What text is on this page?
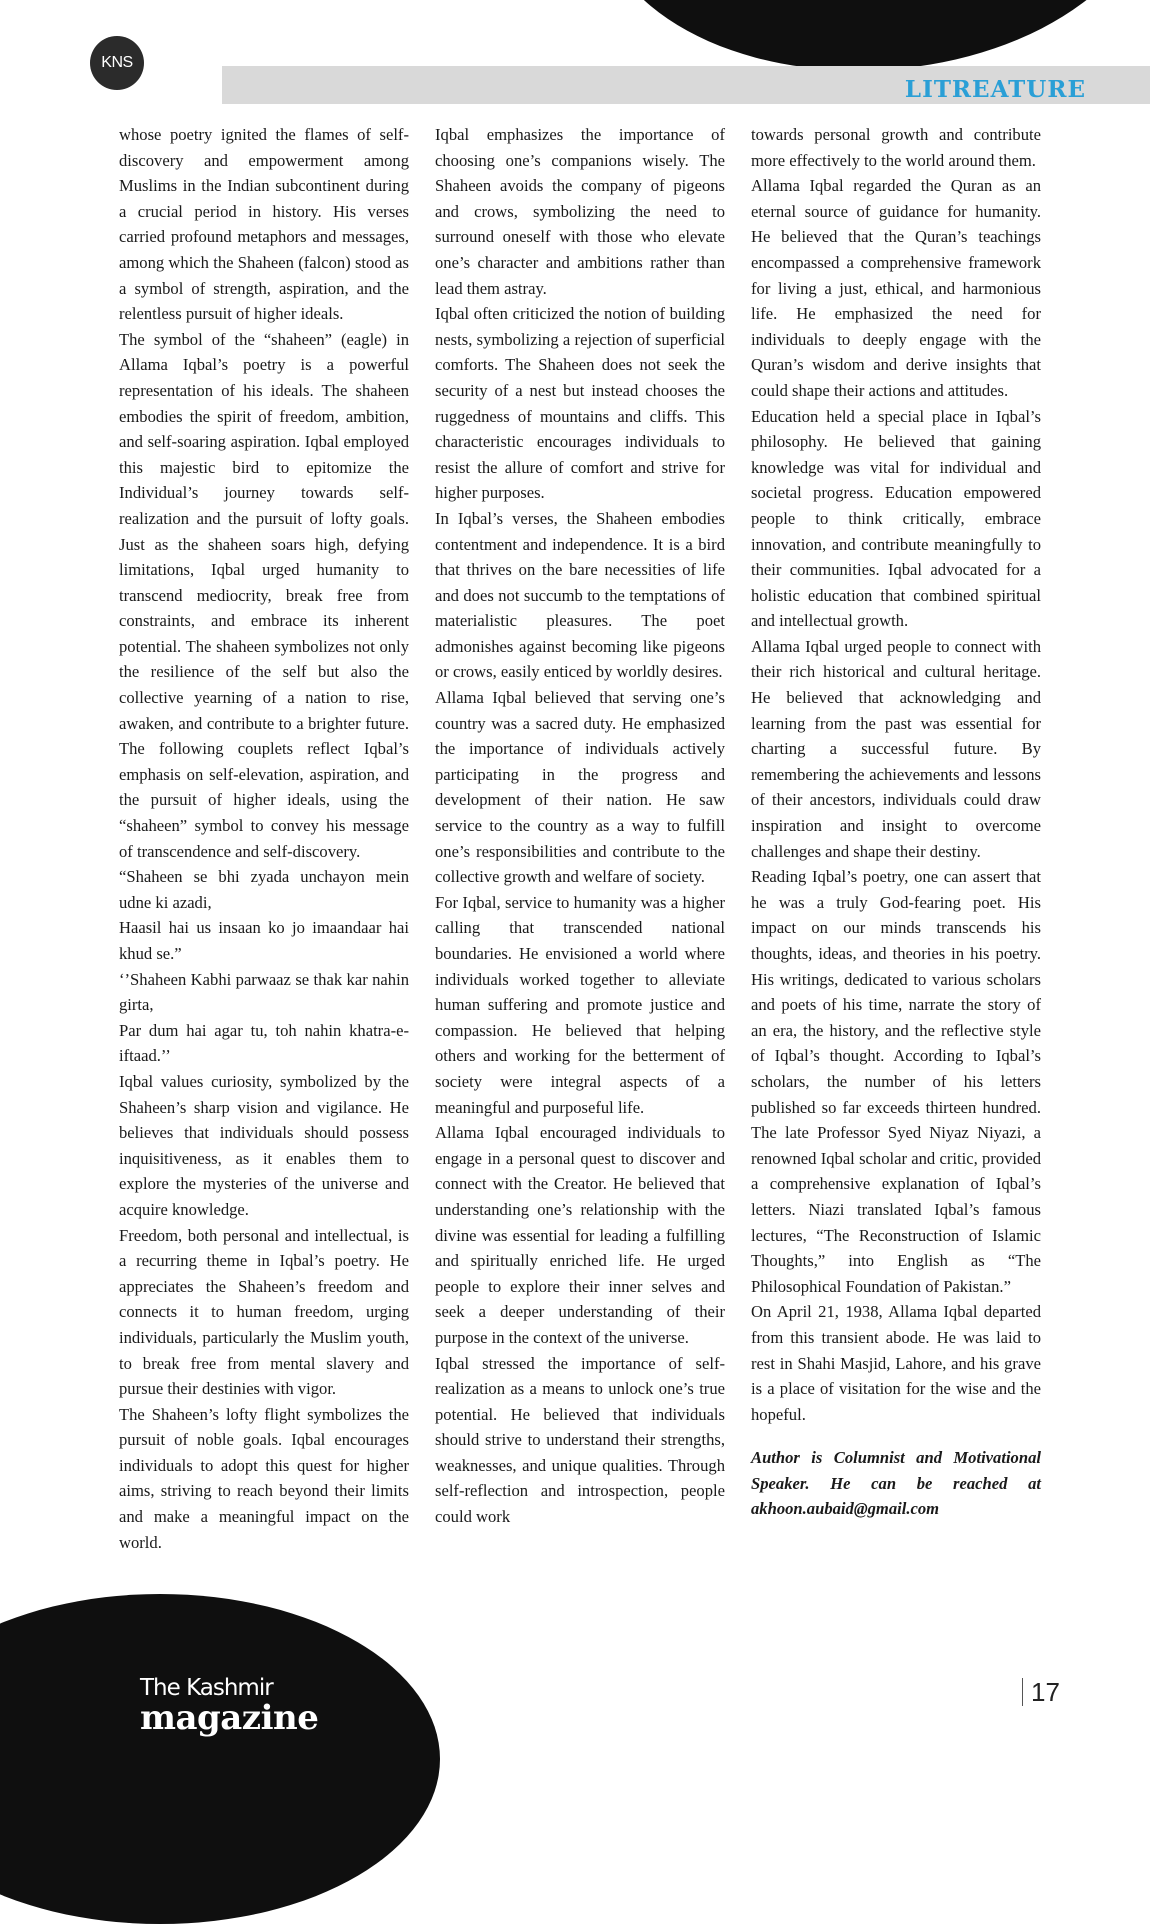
KNS
LITREATURE

whose poetry ignited the flames of self-discovery and empowerment among Muslims in the Indian subcontinent during a crucial period in history. His verses carried profound metaphors and messages, among which the Shaheen (falcon) stood as a symbol of strength, aspiration, and the relentless pursuit of higher ideals.

The symbol of the “shaheen” (eagle) in Allama Iqbal’s poetry is a powerful representation of his ideals. The shaheen embodies the spirit of freedom, ambition, and self-soaring aspiration. Iqbal employed this majestic bird to epitomize the Individual’s journey towards self-realization and the pursuit of lofty goals. Just as the shaheen soars high, defying limitations, Iqbal urged humanity to transcend mediocrity, break free from constraints, and embrace its inherent potential. The shaheen symbolizes not only the resilience of the self but also the collective yearning of a nation to rise, awaken, and contribute to a brighter future. The following couplets reflect Iqbal’s emphasis on self-elevation, aspiration, and the pursuit of higher ideals, using the “shaheen” symbol to convey his message of transcendence and self-discovery.

“Shaheen se bhi zyada unchayon mein udne ki azadi,

Haasil hai us insaan ko jo imaandaar hai khud se.”

‘’Shaheen Kabhi parwaaz se thak kar nahin girta,

Par dum hai agar tu, toh nahin khatra-e-iftaad.’’

Iqbal values curiosity, symbolized by the Shaheen’s sharp vision and vigilance. He believes that individuals should possess inquisitiveness, as it enables them to explore the mysteries of the universe and acquire knowledge.

Freedom, both personal and intellectual, is a recurring theme in Iqbal’s poetry. He appreciates the Shaheen’s freedom and connects it to human freedom, urging individuals, particularly the Muslim youth, to break free from mental slavery and pursue their destinies with vigor.

The Shaheen’s lofty flight symbolizes the pursuit of noble goals. Iqbal encourages individuals to adopt this quest for higher aims, striving to reach beyond their limits and make a meaningful impact on the world.

Iqbal emphasizes the importance of choosing one’s companions wisely. The Shaheen avoids the company of pigeons and crows, symbolizing the need to surround oneself with those who elevate one’s character and ambitions rather than lead them astray.

Iqbal often criticized the notion of building nests, symbolizing a rejection of superficial comforts. The Shaheen does not seek the security of a nest but instead chooses the ruggedness of mountains and cliffs. This characteristic encourages individuals to resist the allure of comfort and strive for higher purposes.

In Iqbal’s verses, the Shaheen embodies contentment and independence. It is a bird that thrives on the bare necessities of life and does not succumb to the temptations of materialistic pleasures. The poet admonishes against becoming like pigeons or crows, easily enticed by worldly desires.

Allama Iqbal believed that serving one’s country was a sacred duty. He emphasized the importance of individuals actively participating in the progress and development of their nation. He saw service to the country as a way to fulfill one’s responsibilities and contribute to the collective growth and welfare of society.

For Iqbal, service to humanity was a higher calling that transcended national boundaries. He envisioned a world where individuals worked together to alleviate human suffering and promote justice and compassion. He believed that helping others and working for the betterment of society were integral aspects of a meaningful and purposeful life.

Allama Iqbal encouraged individuals to engage in a personal quest to discover and connect with the Creator. He believed that understanding one’s relationship with the divine was essential for leading a fulfilling and spiritually enriched life. He urged people to explore their inner selves and seek a deeper understanding of their purpose in the context of the universe.

Iqbal stressed the importance of self-realization as a means to unlock one’s true potential. He believed that individuals should strive to understand their strengths, weaknesses, and unique qualities. Through self-reflection and introspection, people could work

towards personal growth and contribute more effectively to the world around them.

Allama Iqbal regarded the Quran as an eternal source of guidance for humanity. He believed that the Quran’s teachings encompassed a comprehensive framework for living a just, ethical, and harmonious life. He emphasized the need for individuals to deeply engage with the Quran’s wisdom and derive insights that could shape their actions and attitudes.

Education held a special place in Iqbal’s philosophy. He believed that gaining knowledge was vital for individual and societal progress. Education empowered people to think critically, embrace innovation, and contribute meaningfully to their communities. Iqbal advocated for a holistic education that combined spiritual and intellectual growth.

Allama Iqbal urged people to connect with their rich historical and cultural heritage. He believed that acknowledging and learning from the past was essential for charting a successful future. By remembering the achievements and lessons of their ancestors, individuals could draw inspiration and insight to overcome challenges and shape their destiny.

Reading Iqbal’s poetry, one can assert that he was a truly God-fearing poet. His impact on our minds transcends his thoughts, ideas, and theories in his poetry. His writings, dedicated to various scholars and poets of his time, narrate the story of an era, the history, and the reflective style of Iqbal’s thought. According to Iqbal’s scholars, the number of his letters published so far exceeds thirteen hundred. The late Professor Syed Niyaz Niyazi, a renowned Iqbal scholar and critic, provided a comprehensive explanation of Iqbal’s letters. Niazi translated Iqbal’s famous lectures, “The Reconstruction of Islamic Thoughts,” into English as “The Philosophical Foundation of Pakistan.”

On April 21, 1938, Allama Iqbal departed from this transient abode. He was laid to rest in Shahi Masjid, Lahore, and his grave is a place of visitation for the wise and the hopeful.

Author is Columnist and Motivational Speaker. He can be reached at akhoon.aubaid@gmail.com

The Kashmir
magazine
17
